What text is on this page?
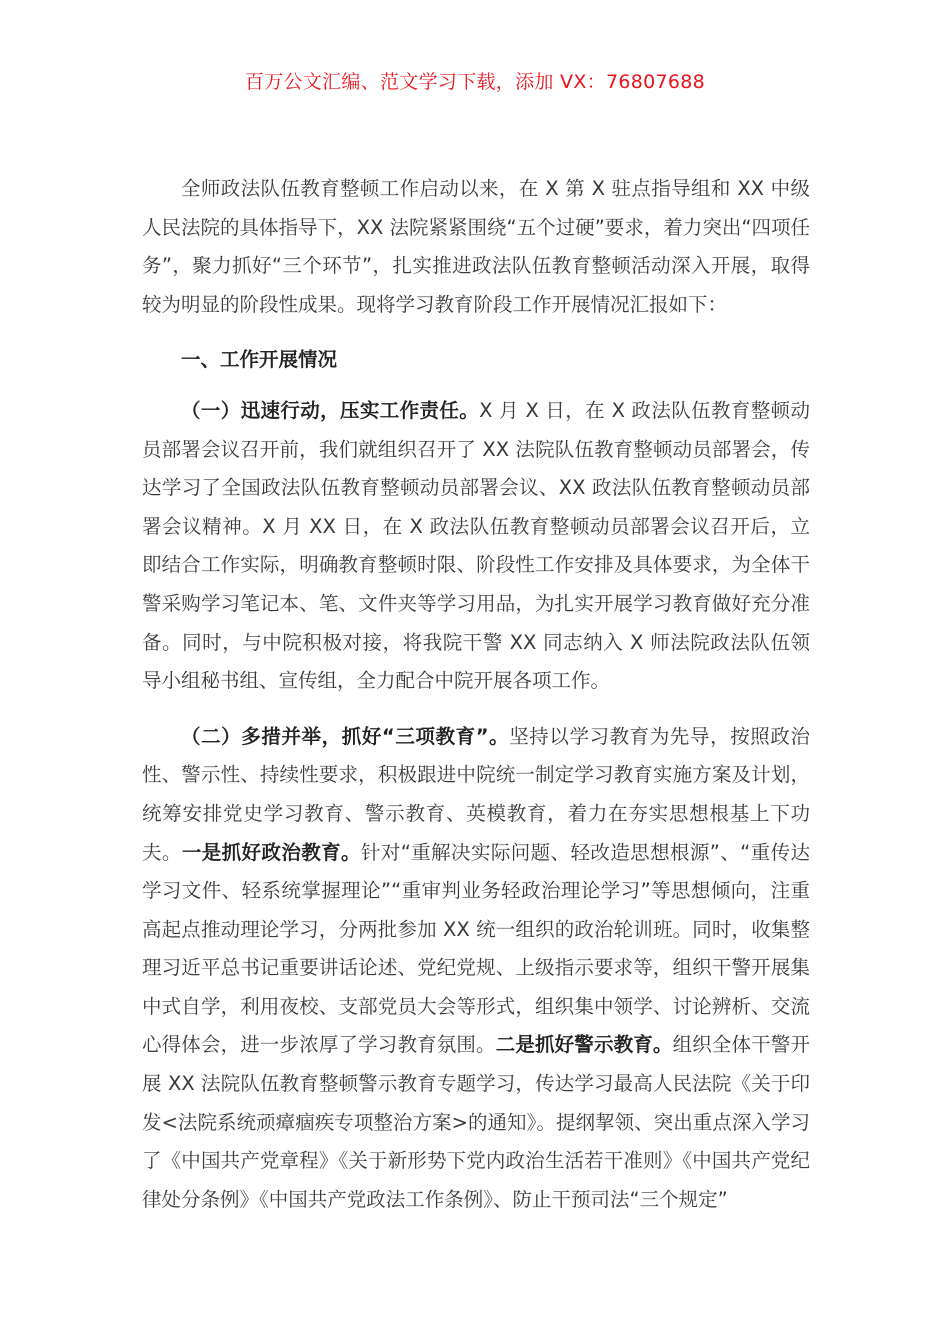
百万公文汇编、范文学习下载，添加 VX：76807688

全师政法队伍教育整顿工作启动以来，在 X 第 X 驻点指导组和 XX 中级人民法院的具体指导下，XX 法院紧紧围绕“五个过硬”要求，着力突出“四项任务”，聚力抓好“三个环节”，扎实推进政法队伍教育整顿活动深入开展，取得较为明显的阶段性成果。现将学习教育阶段工作开展情况汇报如下：

一、工作开展情况

（一）迅速行动，压实工作责任。X 月 X 日，在 X 政法队伍教育整顿动员部署会议召开前，我们就组织召开了 XX 法院队伍教育整顿动员部署会，传达学习了全国政法队伍教育整顿动员部署会议、XX 政法队伍教育整顿动员部署会议精神。X 月 XX 日，在 X 政法队伍教育整顿动员部署会议召开后，立即结合工作实际，明确教育整顿时限、阶段性工作安排及具体要求，为全体干警采购学习笔记本、笔、文件夹等学习用品，为扎实开展学习教育做好充分准备。同时，与中院积极对接，将我院干警 XX 同志纳入 X 师法院政法队伍领导小组秘书组、宣传组，全力配合中院开展各项工作。

（二）多措并举，抓好“三项教育”。坚持以学习教育为先导，按照政治性、警示性、持续性要求，积极跟进中院统一制定学习教育实施方案及计划，统筹安排党史学习教育、警示教育、英模教育，着力在夯实思想根基上下功夫。一是抓好政治教育。针对“重解决实际问题、轻改造思想根源”、“重传达学习文件、轻系统掌握理论”“重审判业务轻政治理论学习”等思想倾向，注重高起点推动理论学习，分两批参加 XX 统一组织的政治轮训班。同时，收集整理习近平总书记重要讲话论述、党纪党规、上级指示要求等，组织干警开展集中式自学，利用夜校、支部党员大会等形式，组织集中领学、讨论辨析、交流心得体会，进一步浓厚了学习教育氛围。二是抓好警示教育。组织全体干警开展 XX 法院队伍教育整顿警示教育专题学习，传达学习最高人民法院《关于印发<法院系统顽瘴痼疾专项整治方案>的通知》。提纲挈领、突出重点深入学习了《中国共产党章程》《关于新形势下党内政治生活若干准则》《中国共产党纪律处分条例》《中国共产党政法工作条例》、防止干预司法“三个规定”
